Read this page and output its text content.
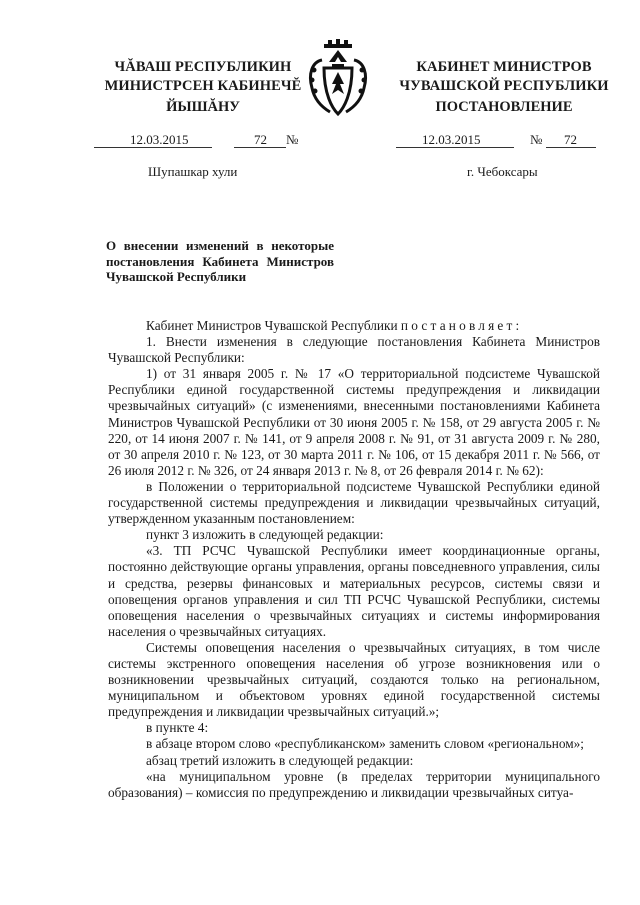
ЧĂВАШ РЕСПУБЛИКИН
МИНИСТРСЕН КАБИНЕЧĔ
ЙЫШĂНУ
КАБИНЕТ МИНИСТРОВ
ЧУВАШСКОЙ РЕСПУБЛИКИ
ПОСТАНОВЛЕНИЕ
12.03.2015	72 №	12.03.2015	№ 72
Шупашкар хули	г. Чебоксары
О внесении изменений в некоторые постановления Кабинета Министров Чувашской Республики

Кабинет Министров Чувашской Республики постановляет:

1. Внести изменения в следующие постановления Кабинета Министров Чувашской Республики:

1) от 31 января 2005 г. № 17 «О территориальной подсистеме Чувашской Республики единой государственной системы предупреждения и ликвидации чрезвычайных ситуаций» (с изменениями, внесенными постановлениями Кабинета Министров Чувашской Республики от 30 июня 2005 г. № 158, от 29 августа 2005 г. № 220, от 14 июня 2007 г. № 141, от 9 апреля 2008 г. № 91, от 31 августа 2009 г. № 280, от 30 апреля 2010 г. № 123, от 30 марта 2011 г. № 106, от 15 декабря 2011 г. № 566, от 26 июля 2012 г. № 326, от 24 января 2013 г. № 8, от 26 февраля 2014 г. № 62):

в Положении о территориальной подсистеме Чувашской Республики единой государственной системы предупреждения и ликвидации чрезвычайных ситуаций, утвержденном указанным постановлением:

пункт 3 изложить в следующей редакции:

«3. ТП РСЧС Чувашской Республики имеет координационные органы, постоянно действующие органы управления, органы повседневного управления, силы и средства, резервы финансовых и материальных ресурсов, системы связи и оповещения органов управления и сил ТП РСЧС Чувашской Республики, системы оповещения населения о чрезвычайных ситуациях и системы информирования населения о чрезвычайных ситуациях.

Системы оповещения населения о чрезвычайных ситуациях, в том числе системы экстренного оповещения населения об угрозе возникновения или о возникновении чрезвычайных ситуаций, создаются только на региональном, муниципальном и объектовом уровнях единой государственной системы предупреждения и ликвидации чрезвычайных ситуаций.»;

в пункте 4:

в абзаце втором слово «республиканском» заменить словом «региональном»;

абзац третий изложить в следующей редакции:

«на муниципальном уровне (в пределах территории муниципального образования) – комиссия по предупреждению и ликвидации чрезвычайных ситуа-
